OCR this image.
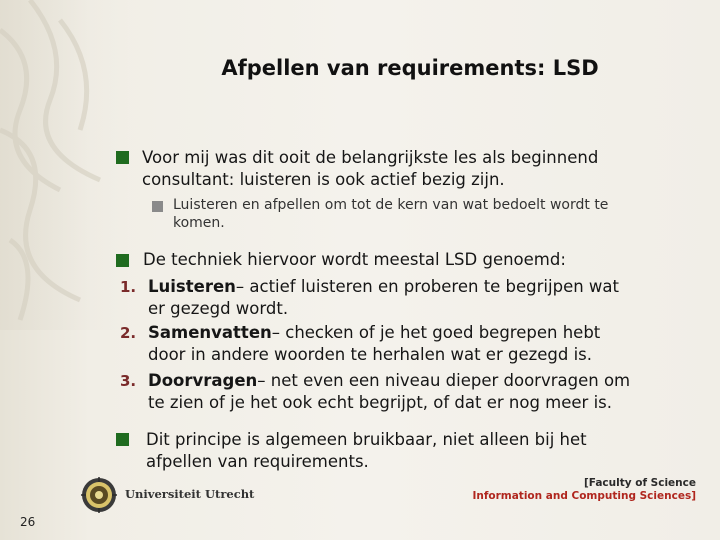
Afpellen van requirements: LSD
Voor mij was dit ooit de belangrijkste les als beginnend
consultant: luisteren is ook actief bezig zijn.
Luisteren en afpellen om tot de kern van wat bedoelt wordt te
komen.
De techniek hiervoor wordt meestal LSD genoemd:
1. Luisteren– actief luisteren en proberen te begrijpen wat
er gezegd wordt.
2. Samenvatten– checken of je het goed begrepen hebt
door in andere woorden te herhalen wat er gezegd is.
3. Doorvragen– net even een niveau dieper doorvragen om
te zien of je het ook echt begrijpt, of dat er nog meer is.
Dit principe is algemeen bruikbaar, niet alleen bij het
afpellen van requirements.
Universiteit Utrecht
[Faculty of Science
Information and Computing Sciences]
26
